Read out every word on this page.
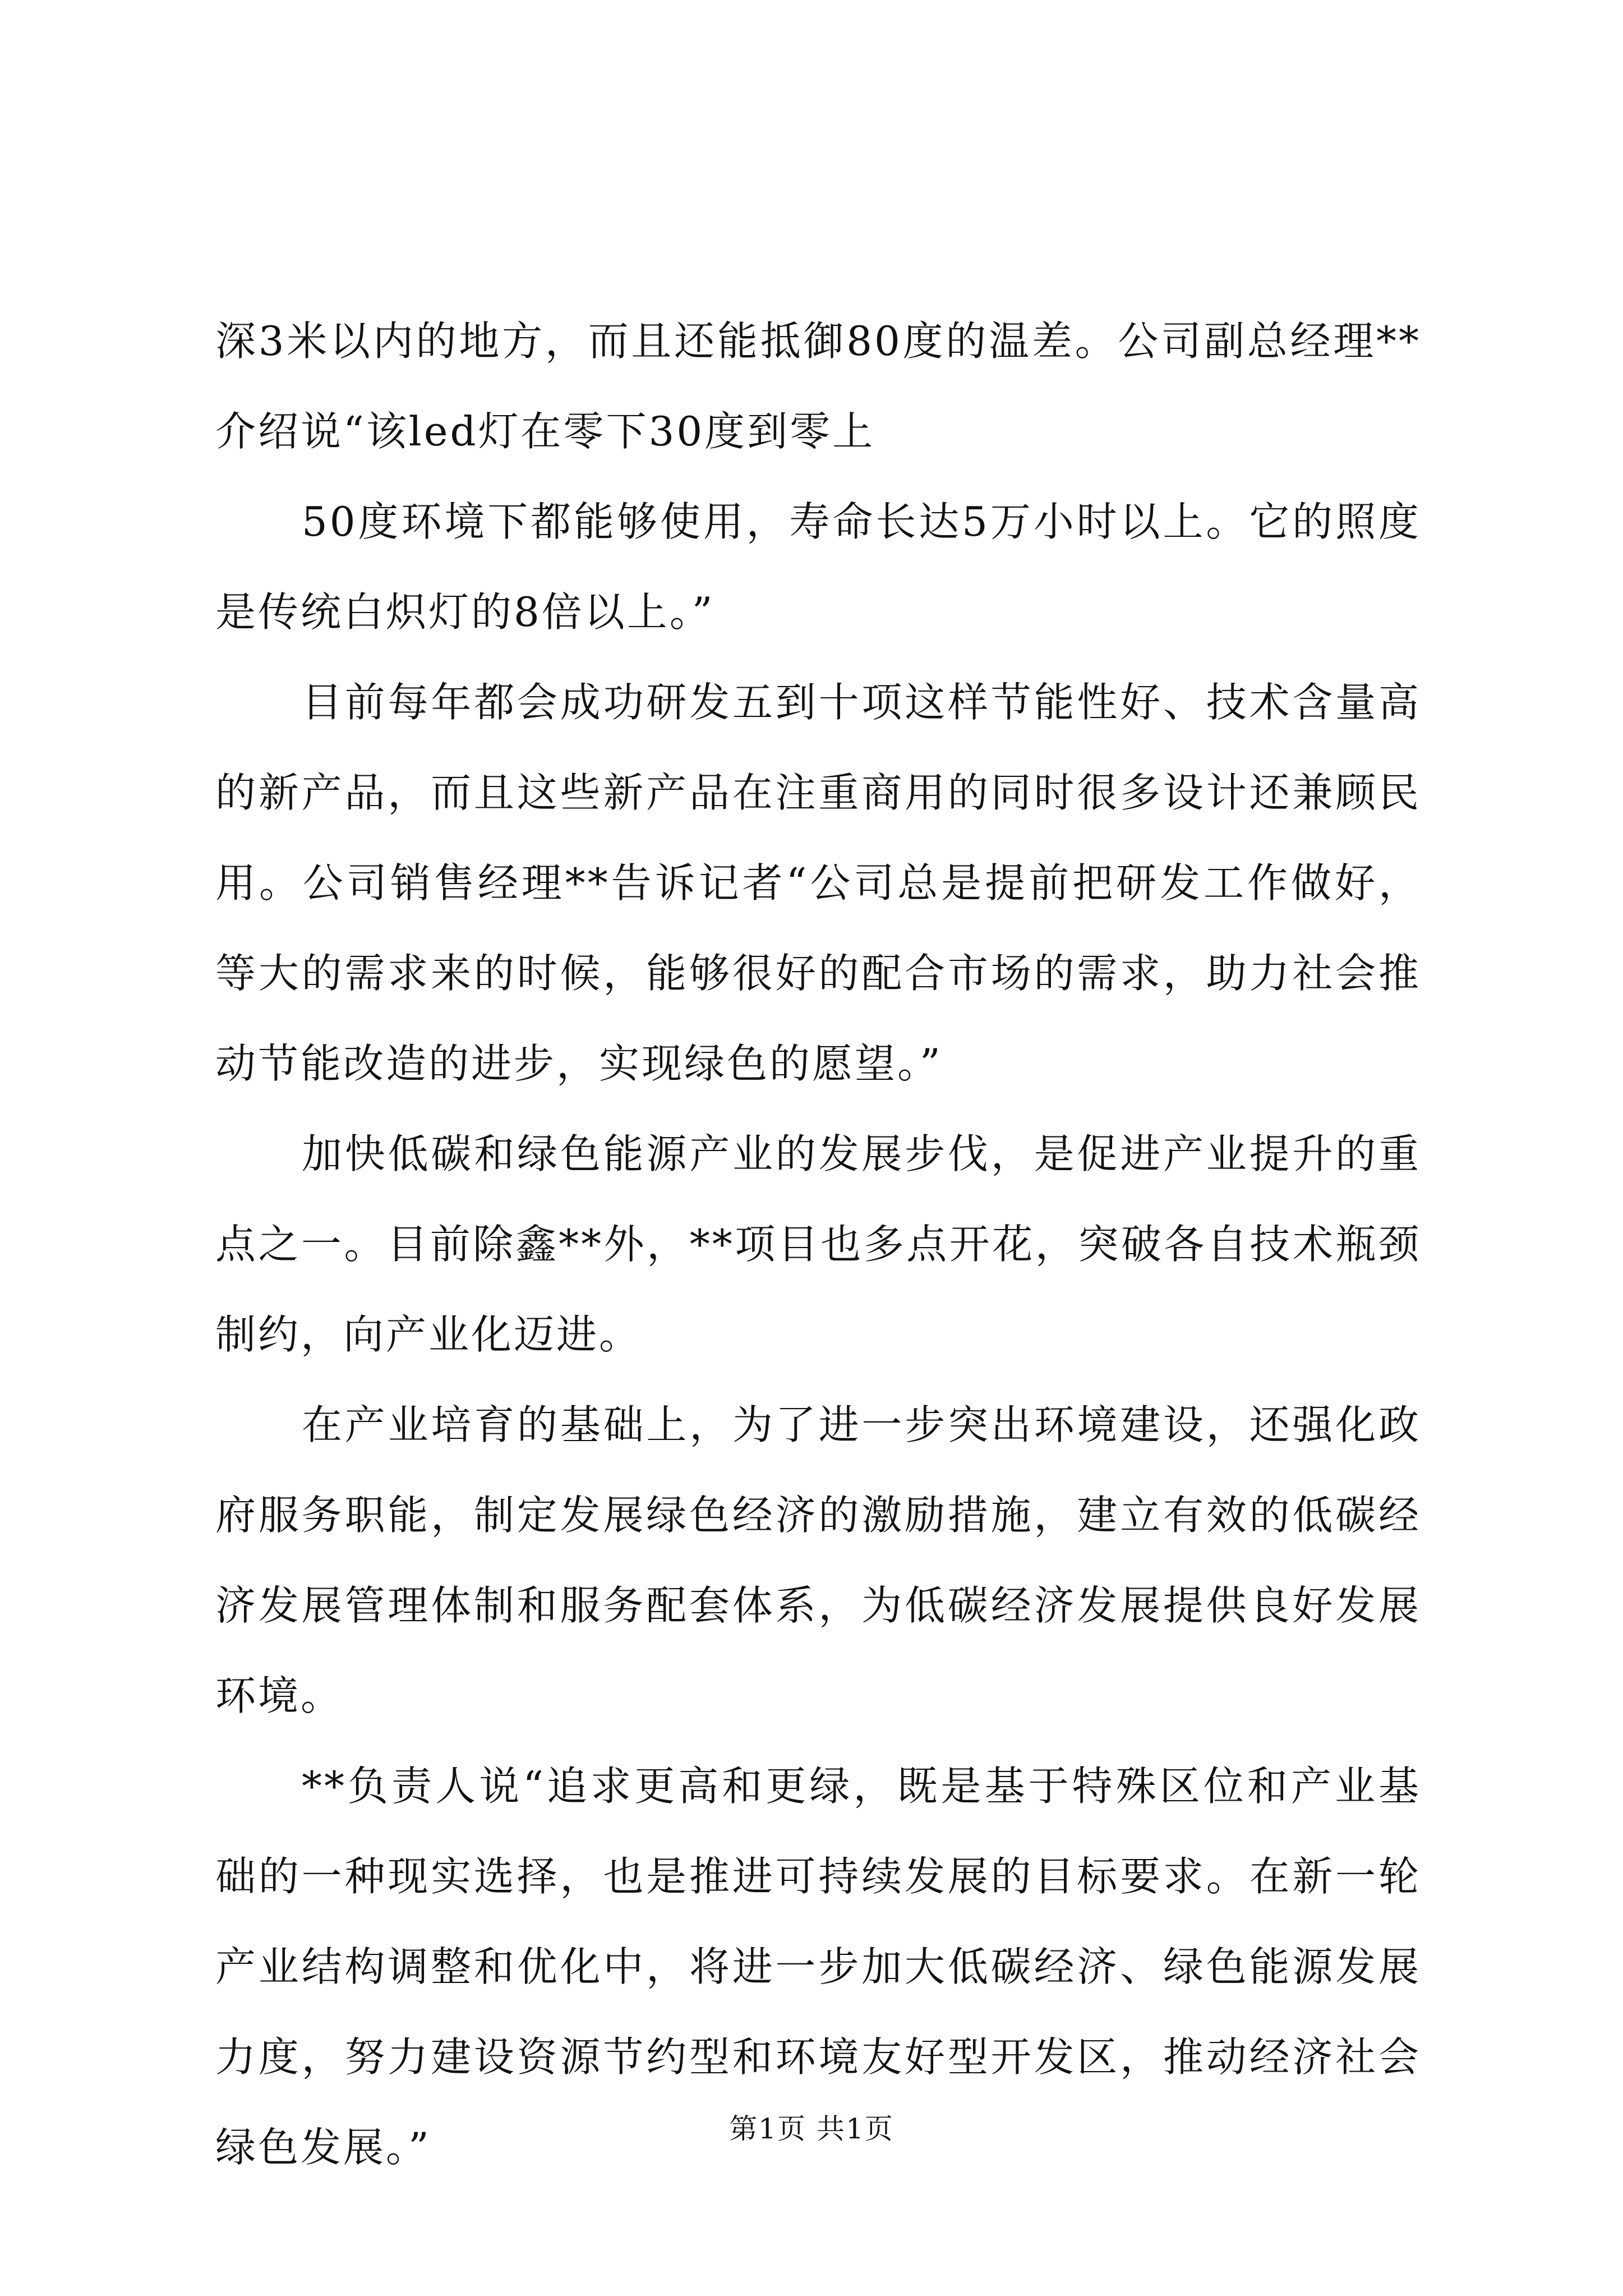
深3米以内的地方，而且还能抵御80度的温差。公司副总经理**介绍说“该led灯在零下30度到零上

50度环境下都能够使用，寿命长达5万小时以上。它的照度是传统白炽灯的8倍以上。”

目前每年都会成功研发五到十项这样节能性好、技术含量高的新产品，而且这些新产品在注重商用的同时很多设计还兼顾民用。公司销售经理**告诉记者“公司总是提前把研发工作做好，等大的需求来的时候，能够很好的配合市场的需求，助力社会推动节能改造的进步，实现绿色的愿望。”

加快低碳和绿色能源产业的发展步伐，是促进产业提升的重点之一。目前除鑫**外，**项目也多点开花，突破各自技术瓶颈制约，向产业化迈进。

在产业培育的基础上，为了进一步突出环境建设，还强化政府服务职能，制定发展绿色经济的激励措施，建立有效的低碳经济发展管理体制和服务配套体系，为低碳经济发展提供良好发展环境。

**负责人说“追求更高和更绿，既是基于特殊区位和产业基础的一种现实选择，也是推进可持续发展的目标要求。在新一轮产业结构调整和优化中，将进一步加大低碳经济、绿色能源发展力度，努力建设资源节约型和环境友好型开发区，推动经济社会绿色发展。”	第1页 共1页
